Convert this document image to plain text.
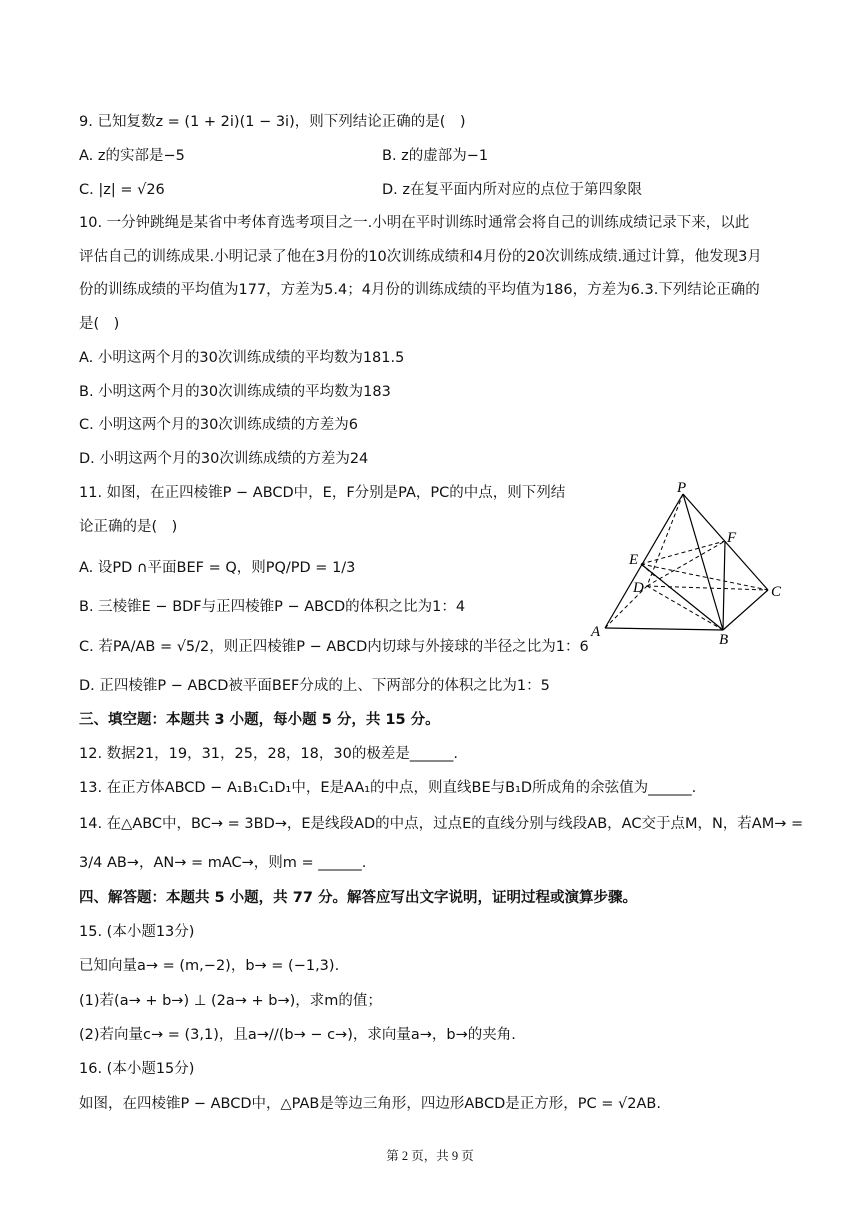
9. 已知复数z = (1 + 2i)(1 − 3i)，则下列结论正确的是(　)
A. z的实部是−5	B. z的虚部为−1
C. |z| = √26	D. z在复平面内所对应的点位于第四象限
10. 一分钟跳绳是某省中考体育选考项目之一.小明在平时训练时通常会将自己的训练成绩记录下来，以此
评估自己的训练成果.小明记录了他在3月份的10次训练成绩和4月份的20次训练成绩.通过计算，他发现3月
份的训练成绩的平均值为177，方差为5.4；4月份的训练成绩的平均值为186，方差为6.3.下列结论正确的
是(　)
A. 小明这两个月的30次训练成绩的平均数为181.5
B. 小明这两个月的30次训练成绩的平均数为183
C. 小明这两个月的30次训练成绩的方差为6
D. 小明这两个月的30次训练成绩的方差为24
11. 如图，在正四棱锥P − ABCD中，E，F分别是PA，PC的中点，则下列结
论正确的是(　)
A. 设PD ∩平面BEF = Q，则PQ/PD = 1/3
B. 三棱锥E − BDF与正四棱锥P − ABCD的体积之比为1：4
C. 若PA/AB = √5/2，则正四棱锥P − ABCD内切球与外接球的半径之比为1：6
D. 正四棱锥P − ABCD被平面BEF分成的上、下两部分的体积之比为1：5
P
E
F
D	C
A	B
三、填空题：本题共 3 小题，每小题 5 分，共 15 分。
12. 数据21，19，31，25，28，18，30的极差是______.
13. 在正方体ABCD − A₁B₁C₁D₁中，E是AA₁的中点，则直线BE与B₁D所成角的余弦值为______.
14. 在△ABC中，BC→ = 3BD→，E是线段AD的中点，过点E的直线分别与线段AB，AC交于点M，N，若AM→ =
3/4 AB→，AN→ = mAC→，则m = ______.
四、解答题：本题共 5 小题，共 77 分。解答应写出文字说明，证明过程或演算步骤。
15. (本小题13分)
已知向量a→ = (m,−2)，b→ = (−1,3).
(1)若(a→ + b→) ⊥ (2a→ + b→)，求m的值；
(2)若向量c→ = (3,1)，且a→//(b→ − c→)，求向量a→，b→的夹角.
16. (本小题15分)
如图，在四棱锥P − ABCD中，△PAB是等边三角形，四边形ABCD是正方形，PC = √2AB.
第 2 页，共 9 页
